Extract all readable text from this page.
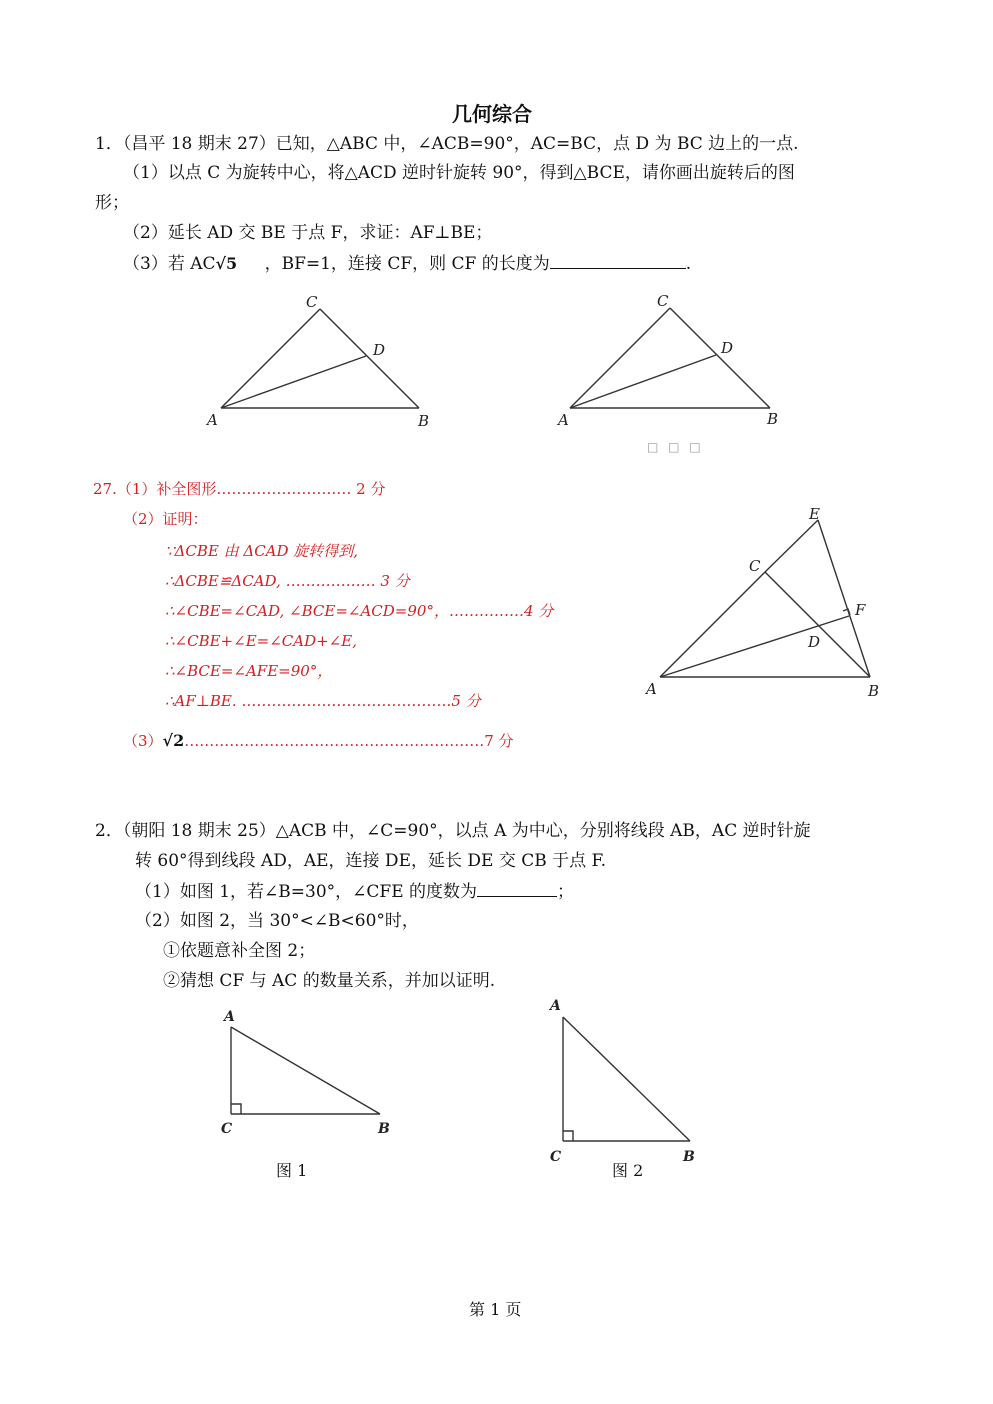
几何综合
1．（昌平 18 期末 27）已知，△ABC 中，∠ACB=90°，AC=BC，点 D 为 BC 边上的一点.
（1）以点 C 为旋转中心，将△ACD 逆时针旋转 90°，得到△BCE，请你画出旋转后的图
形；
（2）延长 AD 交 BE 于点 F，求证：AF⊥BE；
（3）若 AC√5 ，BF=1，连接 CF，则 CF 的长度为	.
A	B
C
D
A	B
C
D
□ □ □
27.（1）补全图形……………………… 2 分
（2）证明：
∵ΔCBE 由 ΔCAD 旋转得到,
∴ΔCBE≌ΔCAD, ……………… 3 分
∴∠CBE=∠CAD, ∠BCE=∠ACD=90°，……………4 分
∴∠CBE+∠E=∠CAD+∠E,
∴∠BCE=∠AFE=90°，
∴AF⊥BE. ……………………………………5 分
（3）√2……………………………………………………7 分
A	B
C
D
E
F
2．（朝阳 18 期末 25）△ACB 中，∠C=90°，以点 A 为中心，分别将线段 AB，AC 逆时针旋
转 60°得到线段 AD，AE，连接 DE，延长 DE 交 CB 于点 F.
（1）如图 1，若∠B=30°，∠CFE 的度数为	；
（2）如图 2，当 30°<∠B<60°时，
①依题意补全图 2；
②猜想 CF 与 AC 的数量关系，并加以证明.
A
C	B
图 1
A
C	B
图 2
第 1 页
